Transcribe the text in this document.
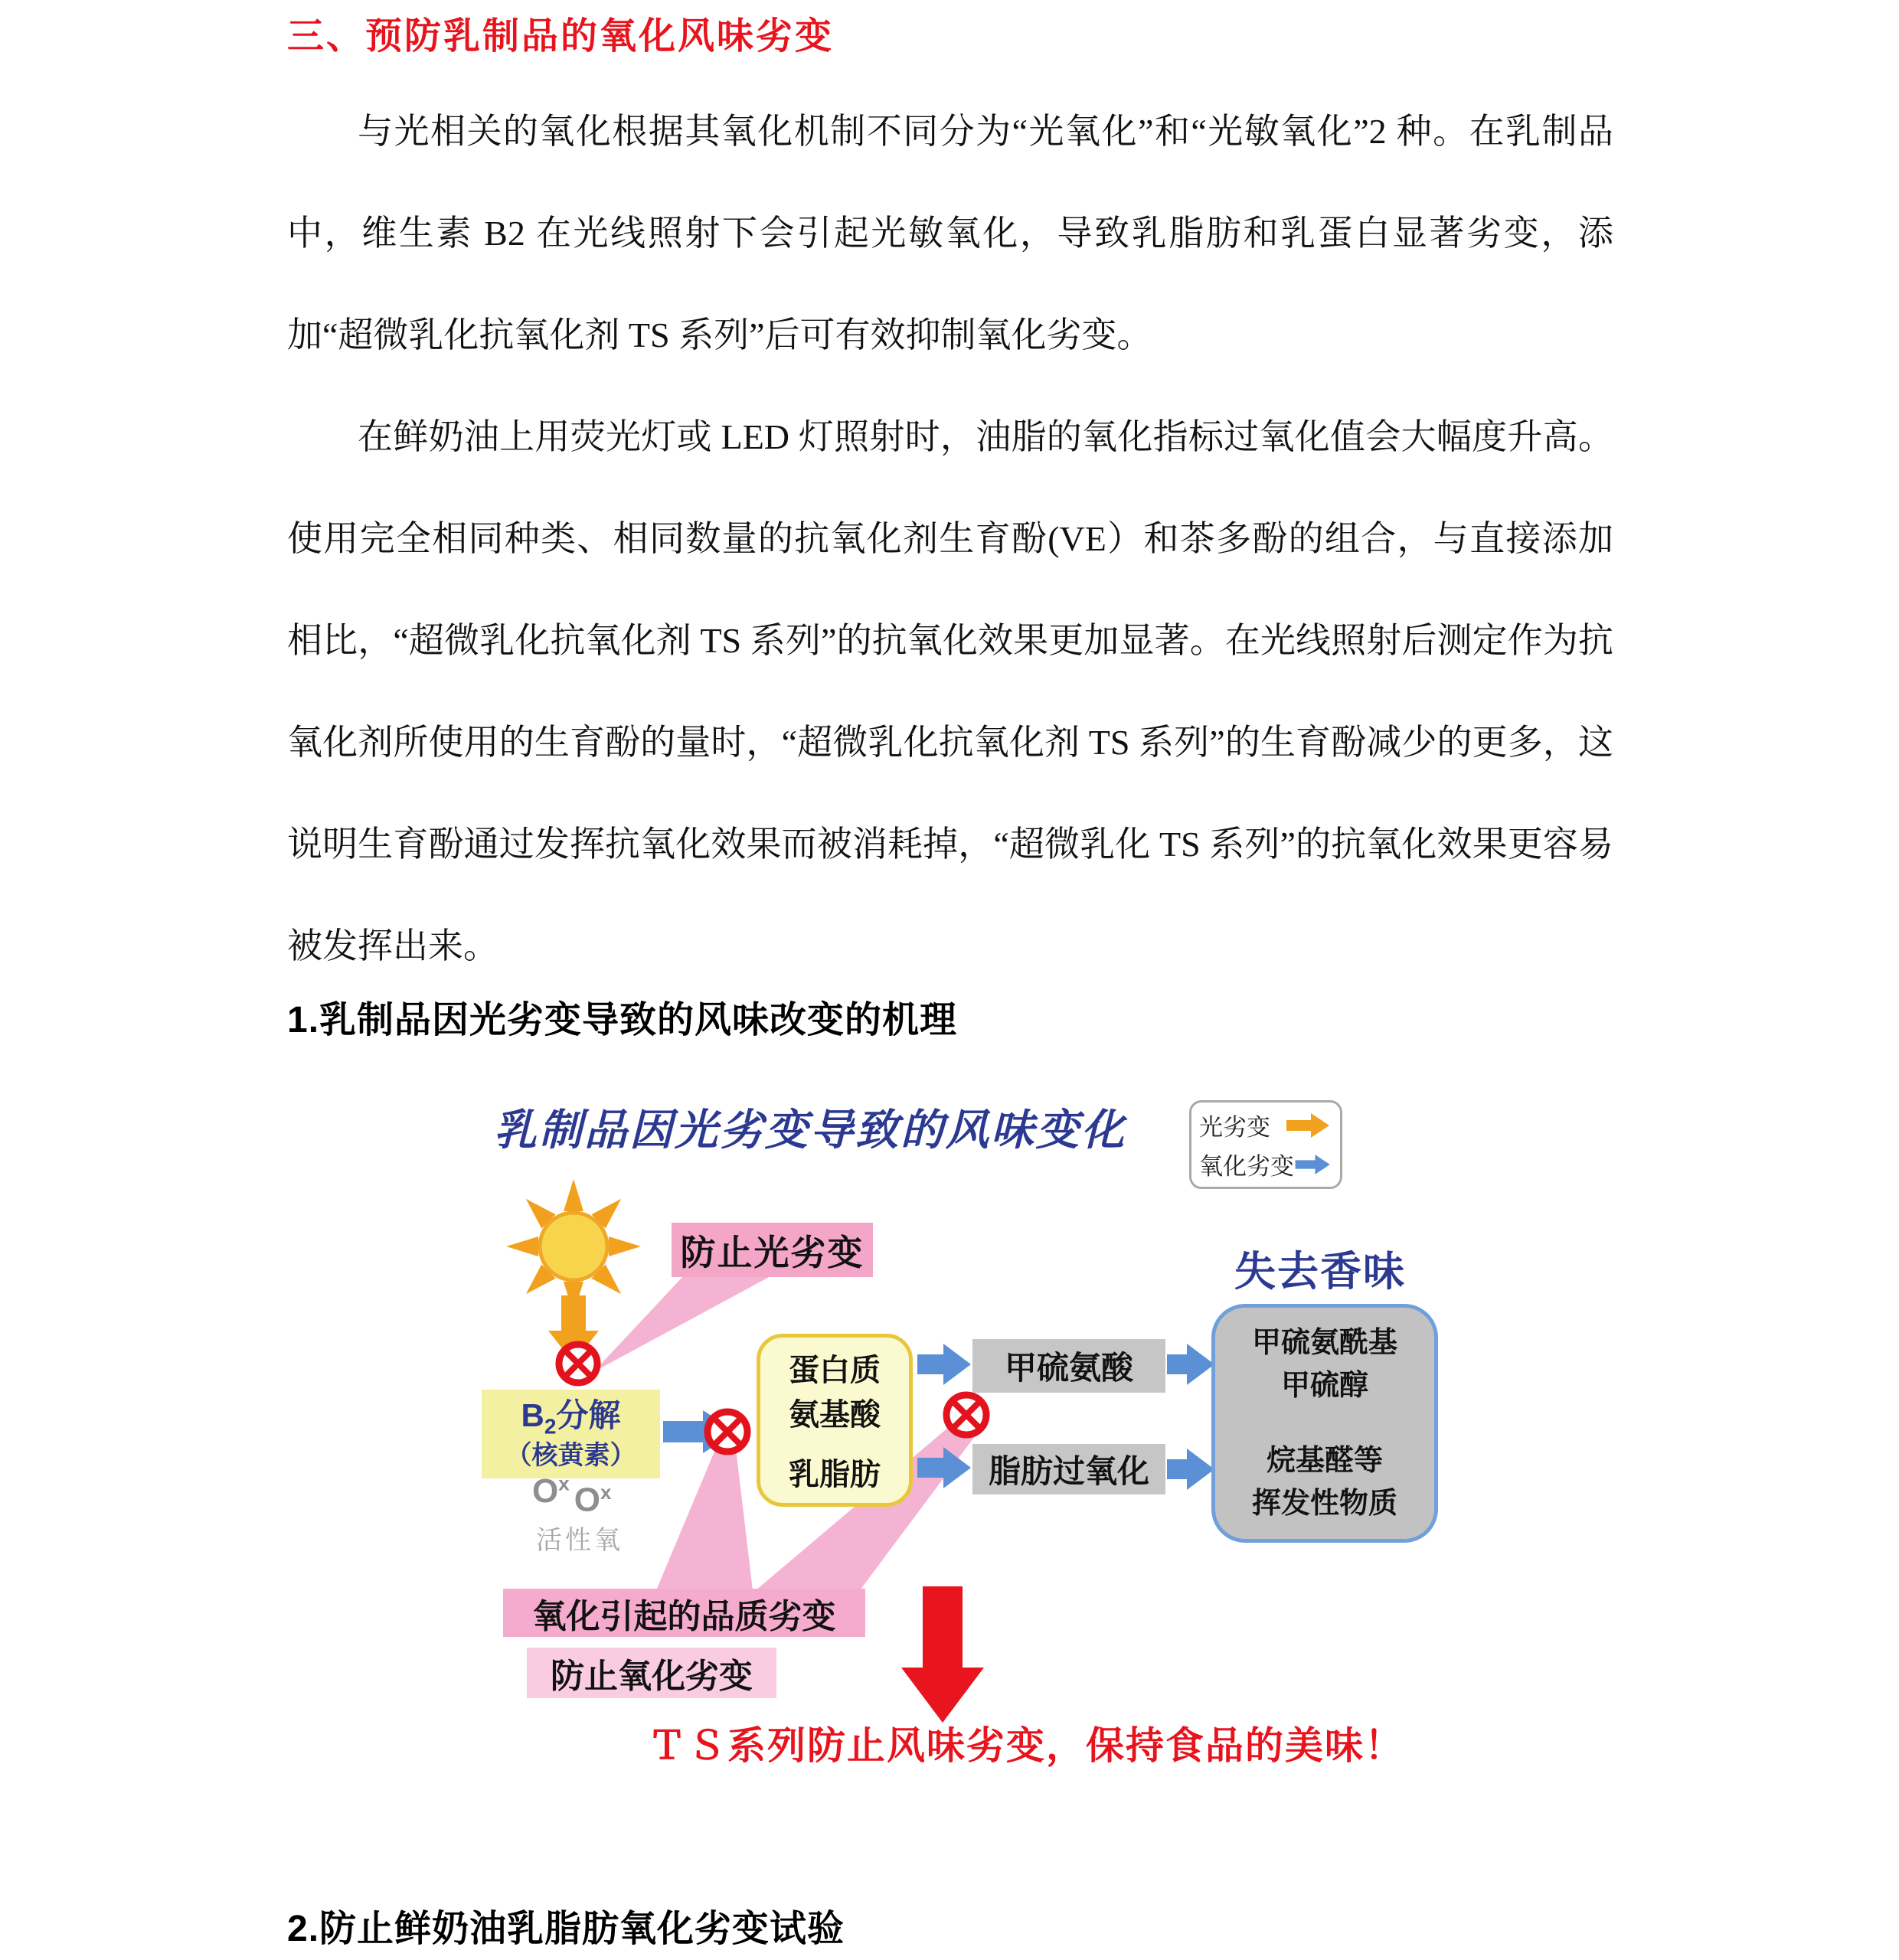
三、预防乳制品的氧化风味劣变

与光相关的氧化根据其氧化机制不同分为“光氧化”和“光敏氧化”2 种。在乳制品中，维生素 B2 在光线照射下会引起光敏氧化，导致乳脂肪和乳蛋白显著劣变，添加“超微乳化抗氧化剂 TS 系列”后可有效抑制氧化劣变。

在鲜奶油上用荧光灯或 LED 灯照射时，油脂的氧化指标过氧化值会大幅度升高。使用完全相同种类、相同数量的抗氧化剂生育酚(VE）和茶多酚的组合，与直接添加相比，“超微乳化抗氧化剂 TS 系列”的抗氧化效果更加显著。在光线照射后测定作为抗氧化剂所使用的生育酚的量时，“超微乳化抗氧化剂 TS 系列”的生育酚减少的更多，这说明生育酚通过发挥抗氧化效果而被消耗掉，“超微乳化 TS 系列”的抗氧化效果更容易被发挥出来。

1.乳制品因光劣变导致的风味改变的机理
2.防止鲜奶油乳脂肪氧化劣变试验
乳制品因光劣变导致的风味变化	光劣变
氧化劣变
失去香味
防止光劣变
$B_2$分解
（核黄素）
$O^x$ $O^x$
活性氧
蛋白质
氨基酸
乳脂肪
甲硫氨酸
脂肪过氧化
甲硫氨酰基
甲硫醇
烷基醛等
挥发性物质
氧化引起的品质劣变
防止氧化劣变
ＴＳ系列防止风味劣变，保持食品的美味！
